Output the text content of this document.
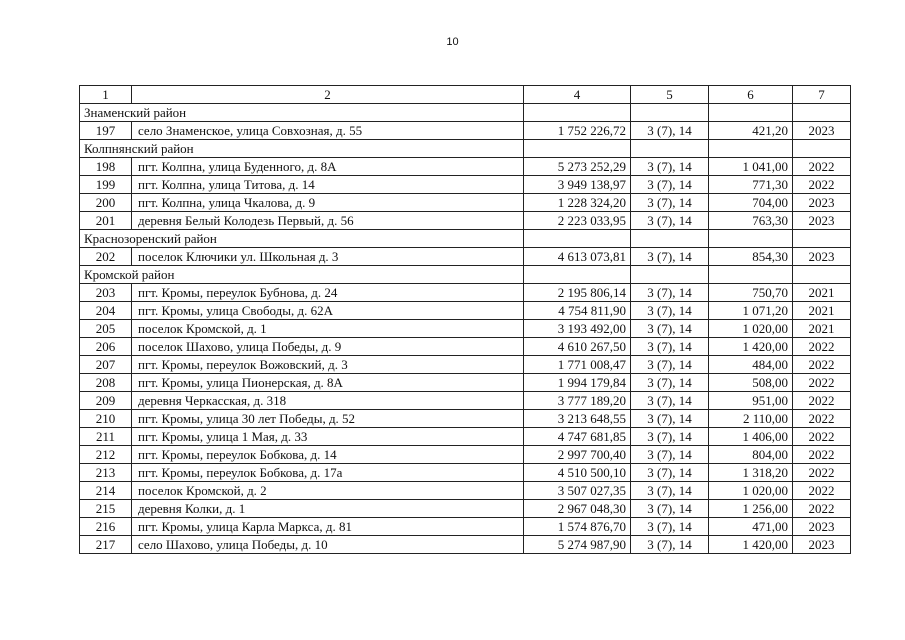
10
1	2	4	5	6	7
Знаменский район					
197	село Знаменское, улица Совхозная, д. 55	1 752 226,72	3 (7), 14	421,20	2023
Колпнянский район					
198	пгт. Колпна, улица Буденного, д. 8А	5 273 252,29	3 (7), 14	1 041,00	2022
199	пгт. Колпна, улица Титова, д. 14	3 949 138,97	3 (7), 14	771,30	2022
200	пгт. Колпна, улица Чкалова, д. 9	1 228 324,20	3 (7), 14	704,00	2023
201	деревня Белый Колодезь Первый, д. 56	2 223 033,95	3 (7), 14	763,30	2023
Краснозоренский район					
202	поселок Ключики ул. Школьная д. 3	4 613 073,81	3 (7), 14	854,30	2023
Кромской район					
203	пгт. Кромы, переулок Бубнова, д. 24	2 195 806,14	3 (7), 14	750,70	2021
204	пгт. Кромы, улица Свободы, д. 62А	4 754 811,90	3 (7), 14	1 071,20	2021
205	поселок Кромской, д. 1	3 193 492,00	3 (7), 14	1 020,00	2021
206	поселок Шахово, улица Победы, д. 9	4 610 267,50	3 (7), 14	1 420,00	2022
207	пгт. Кромы, переулок Вожовский, д. 3	1 771 008,47	3 (7), 14	484,00	2022
208	пгт. Кромы, улица Пионерская, д. 8А	1 994 179,84	3 (7), 14	508,00	2022
209	деревня Черкасская, д. 318	3 777 189,20	3 (7), 14	951,00	2022
210	пгт. Кромы, улица 30 лет Победы, д. 52	3 213 648,55	3 (7), 14	2 110,00	2022
211	пгт. Кромы, улица 1 Мая, д. 33	4 747 681,85	3 (7), 14	1 406,00	2022
212	пгт. Кромы, переулок Бобкова, д. 14	2 997 700,40	3 (7), 14	804,00	2022
213	пгт. Кромы, переулок Бобкова, д. 17а	4 510 500,10	3 (7), 14	1 318,20	2022
214	поселок Кромской, д. 2	3 507 027,35	3 (7), 14	1 020,00	2022
215	деревня Колки, д. 1	2 967 048,30	3 (7), 14	1 256,00	2022
216	пгт. Кромы, улица Карла Маркса, д. 81	1 574 876,70	3 (7), 14	471,00	2023
217	село Шахово, улица Победы, д. 10	5 274 987,90	3 (7), 14	1 420,00	2023
